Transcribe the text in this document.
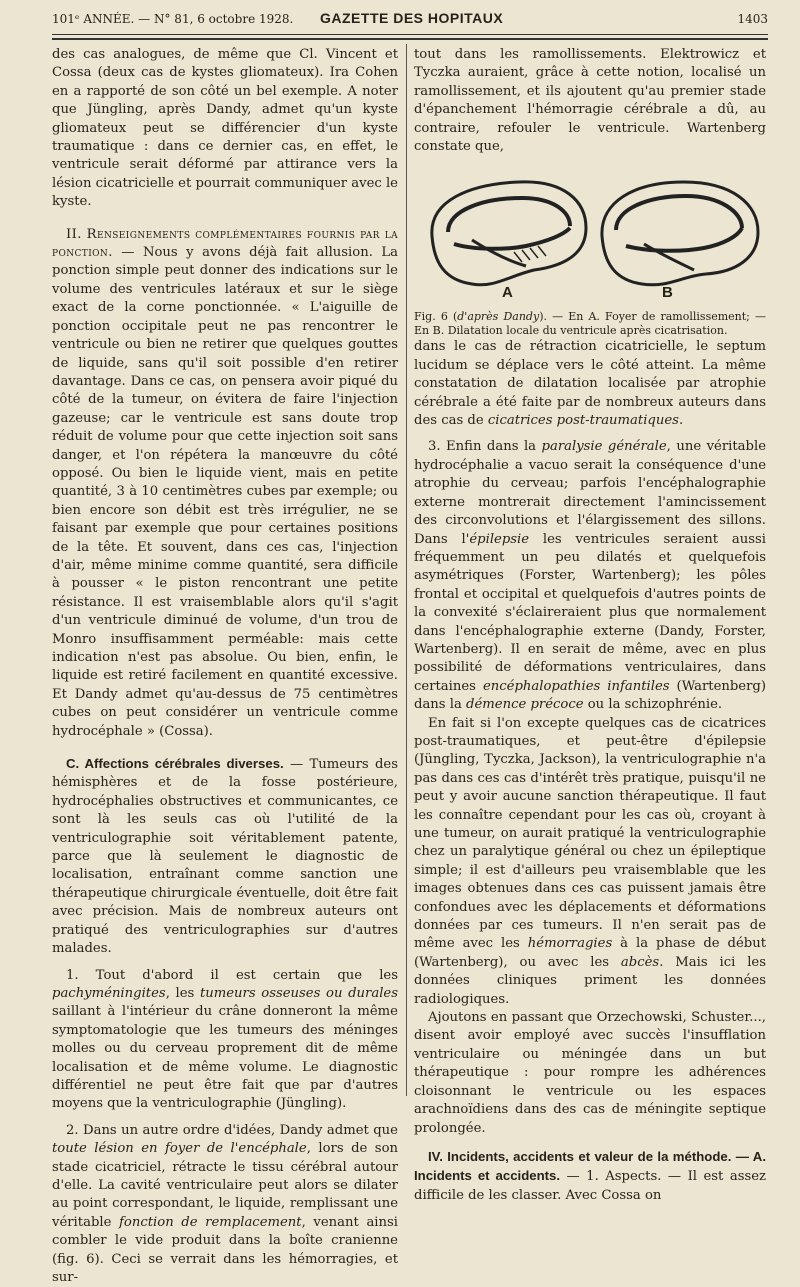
101ᵉ ANNÉE. — N° 81, 6 octobre 1928. GAZETTE DES HOPITAUX	1403

des cas analogues, de même que Cl. Vincent et Cossa (deux cas de kystes gliomateux). Ira Cohen en a rapporté de son côté un bel exemple. A noter que Jüngling, après Dandy, admet qu'un kyste gliomateux peut se différencier d'un kyste traumatique : dans ce dernier cas, en effet, le ventricule serait déformé par attirance vers la lésion cicatricielle et pourrait communiquer avec le kyste.

II. Renseignements complémentaires fournis par la ponction. — Nous y avons déjà fait allusion. La ponction simple peut donner des indications sur le volume des ventricules latéraux et sur le siège exact de la corne ponctionnée. « L'aiguille de ponction occipitale peut ne pas rencontrer le ventricule ou bien ne retirer que quelques gouttes de liquide, sans qu'il soit possible d'en retirer davantage. Dans ce cas, on pensera avoir piqué du côté de la tumeur, on évitera de faire l'injection gazeuse; car le ventricule est sans doute trop réduit de volume pour que cette injection soit sans danger, et l'on répétera la manœuvre du côté opposé. Ou bien le liquide vient, mais en petite quantité, 3 à 10 centimètres cubes par exemple; ou bien encore son débit est très irrégulier, ne se faisant par exemple que pour certaines positions de la tête. Et souvent, dans ces cas, l'injection d'air, même minime comme quantité, sera difficile à pousser « le piston rencontrant une petite résistance. Il est vraisemblable alors qu'il s'agit d'un ventricule diminué de volume, d'un trou de Monro insuffisamment perméable: mais cette indication n'est pas absolue. Ou bien, enfin, le liquide est retiré facilement en quantité excessive. Et Dandy admet qu'au-dessus de 75 centimètres cubes on peut considérer un ventricule comme hydrocéphale » (Cossa).

C. Affections cérébrales diverses. — Tumeurs des hémisphères et de la fosse postérieure, hydrocéphalies obstructives et communicantes, ce sont là les seuls cas où l'utilité de la ventriculographie soit véritablement patente, parce que là seulement le diagnostic de localisation, entraînant comme sanction une thérapeutique chirurgicale éventuelle, doit être fait avec précision. Mais de nombreux auteurs ont pratiqué des ventriculographies sur d'autres malades.

1. Tout d'abord il est certain que les pachyméningites, les tumeurs osseuses ou durales saillant à l'intérieur du crâne donneront la même symptomatologie que les tumeurs des méninges molles ou du cerveau proprement dit de même localisation et de même volume. Le diagnostic différentiel ne peut être fait que par d'autres moyens que la ventriculographie (Jüngling).

2. Dans un autre ordre d'idées, Dandy admet que toute lésion en foyer de l'encéphale, lors de son stade cicatriciel, rétracte le tissu cérébral autour d'elle. La cavité ventriculaire peut alors se dilater au point correspondant, le liquide, remplissant une véritable fonction de remplacement, venant ainsi combler le vide produit dans la boîte cranienne (fig. 6). Ceci se verrait dans les hémorragies, et sur-

tout dans les ramollissements. Elektrowicz et Tyczka auraient, grâce à cette notion, localisé un ramollissement, et ils ajoutent qu'au premier stade d'épanchement l'hémorragie cérébrale a dû, au contraire, refouler le ventricule. Wartenberg constate que,

A	B

Fig. 6 (d'après Dandy). — En A. Foyer de ramollissement; — En B. Dilatation locale du ventricule après cicatrisation.

dans le cas de rétraction cicatricielle, le septum lucidum se déplace vers le côté atteint. La même constatation de dilatation localisée par atrophie cérébrale a été faite par de nombreux auteurs dans des cas de cicatrices post-traumatiques.

3. Enfin dans la paralysie générale, une véritable hydrocéphalie a vacuo serait la conséquence d'une atrophie du cerveau; parfois l'encéphalographie externe montrerait directement l'amincissement des circonvolutions et l'élargissement des sillons. Dans l'épilepsie les ventricules seraient aussi fréquemment un peu dilatés et quelquefois asymétriques (Forster, Wartenberg); les pôles frontal et occipital et quelquefois d'autres points de la convexité s'éclaireraient plus que normalement dans l'encéphalographie externe (Dandy, Forster, Wartenberg). Il en serait de même, avec en plus possibilité de déformations ventriculaires, dans certaines encéphalopathies infantiles (Wartenberg) dans la démence précoce ou la schizophrénie.

En fait si l'on excepte quelques cas de cicatrices post-traumatiques, et peut-être d'épilepsie (Jüngling, Tyczka, Jackson), la ventriculographie n'a pas dans ces cas d'intérêt très pratique, puisqu'il ne peut y avoir aucune sanction thérapeutique. Il faut les connaître cependant pour les cas où, croyant à une tumeur, on aurait pratiqué la ventriculographie chez un paralytique général ou chez un épileptique simple; il est d'ailleurs peu vraisemblable que les images obtenues dans ces cas puissent jamais être confondues avec les déplacements et déformations données par ces tumeurs. Il n'en serait pas de même avec les hémorragies à la phase de début (Wartenberg), ou avec les abcès. Mais ici les données cliniques priment les données radiologiques.

Ajoutons en passant que Orzechowski, Schuster..., disent avoir employé avec succès l'insufflation ventriculaire ou méningée dans un but thérapeutique : pour rompre les adhérences cloisonnant le ventricule ou les espaces arachnoïdiens dans des cas de méningite septique prolongée.

IV. Incidents, accidents et valeur de la méthode. — A. Incidents et accidents. — 1. Aspects. — Il est assez difficile de les classer. Avec Cossa on
